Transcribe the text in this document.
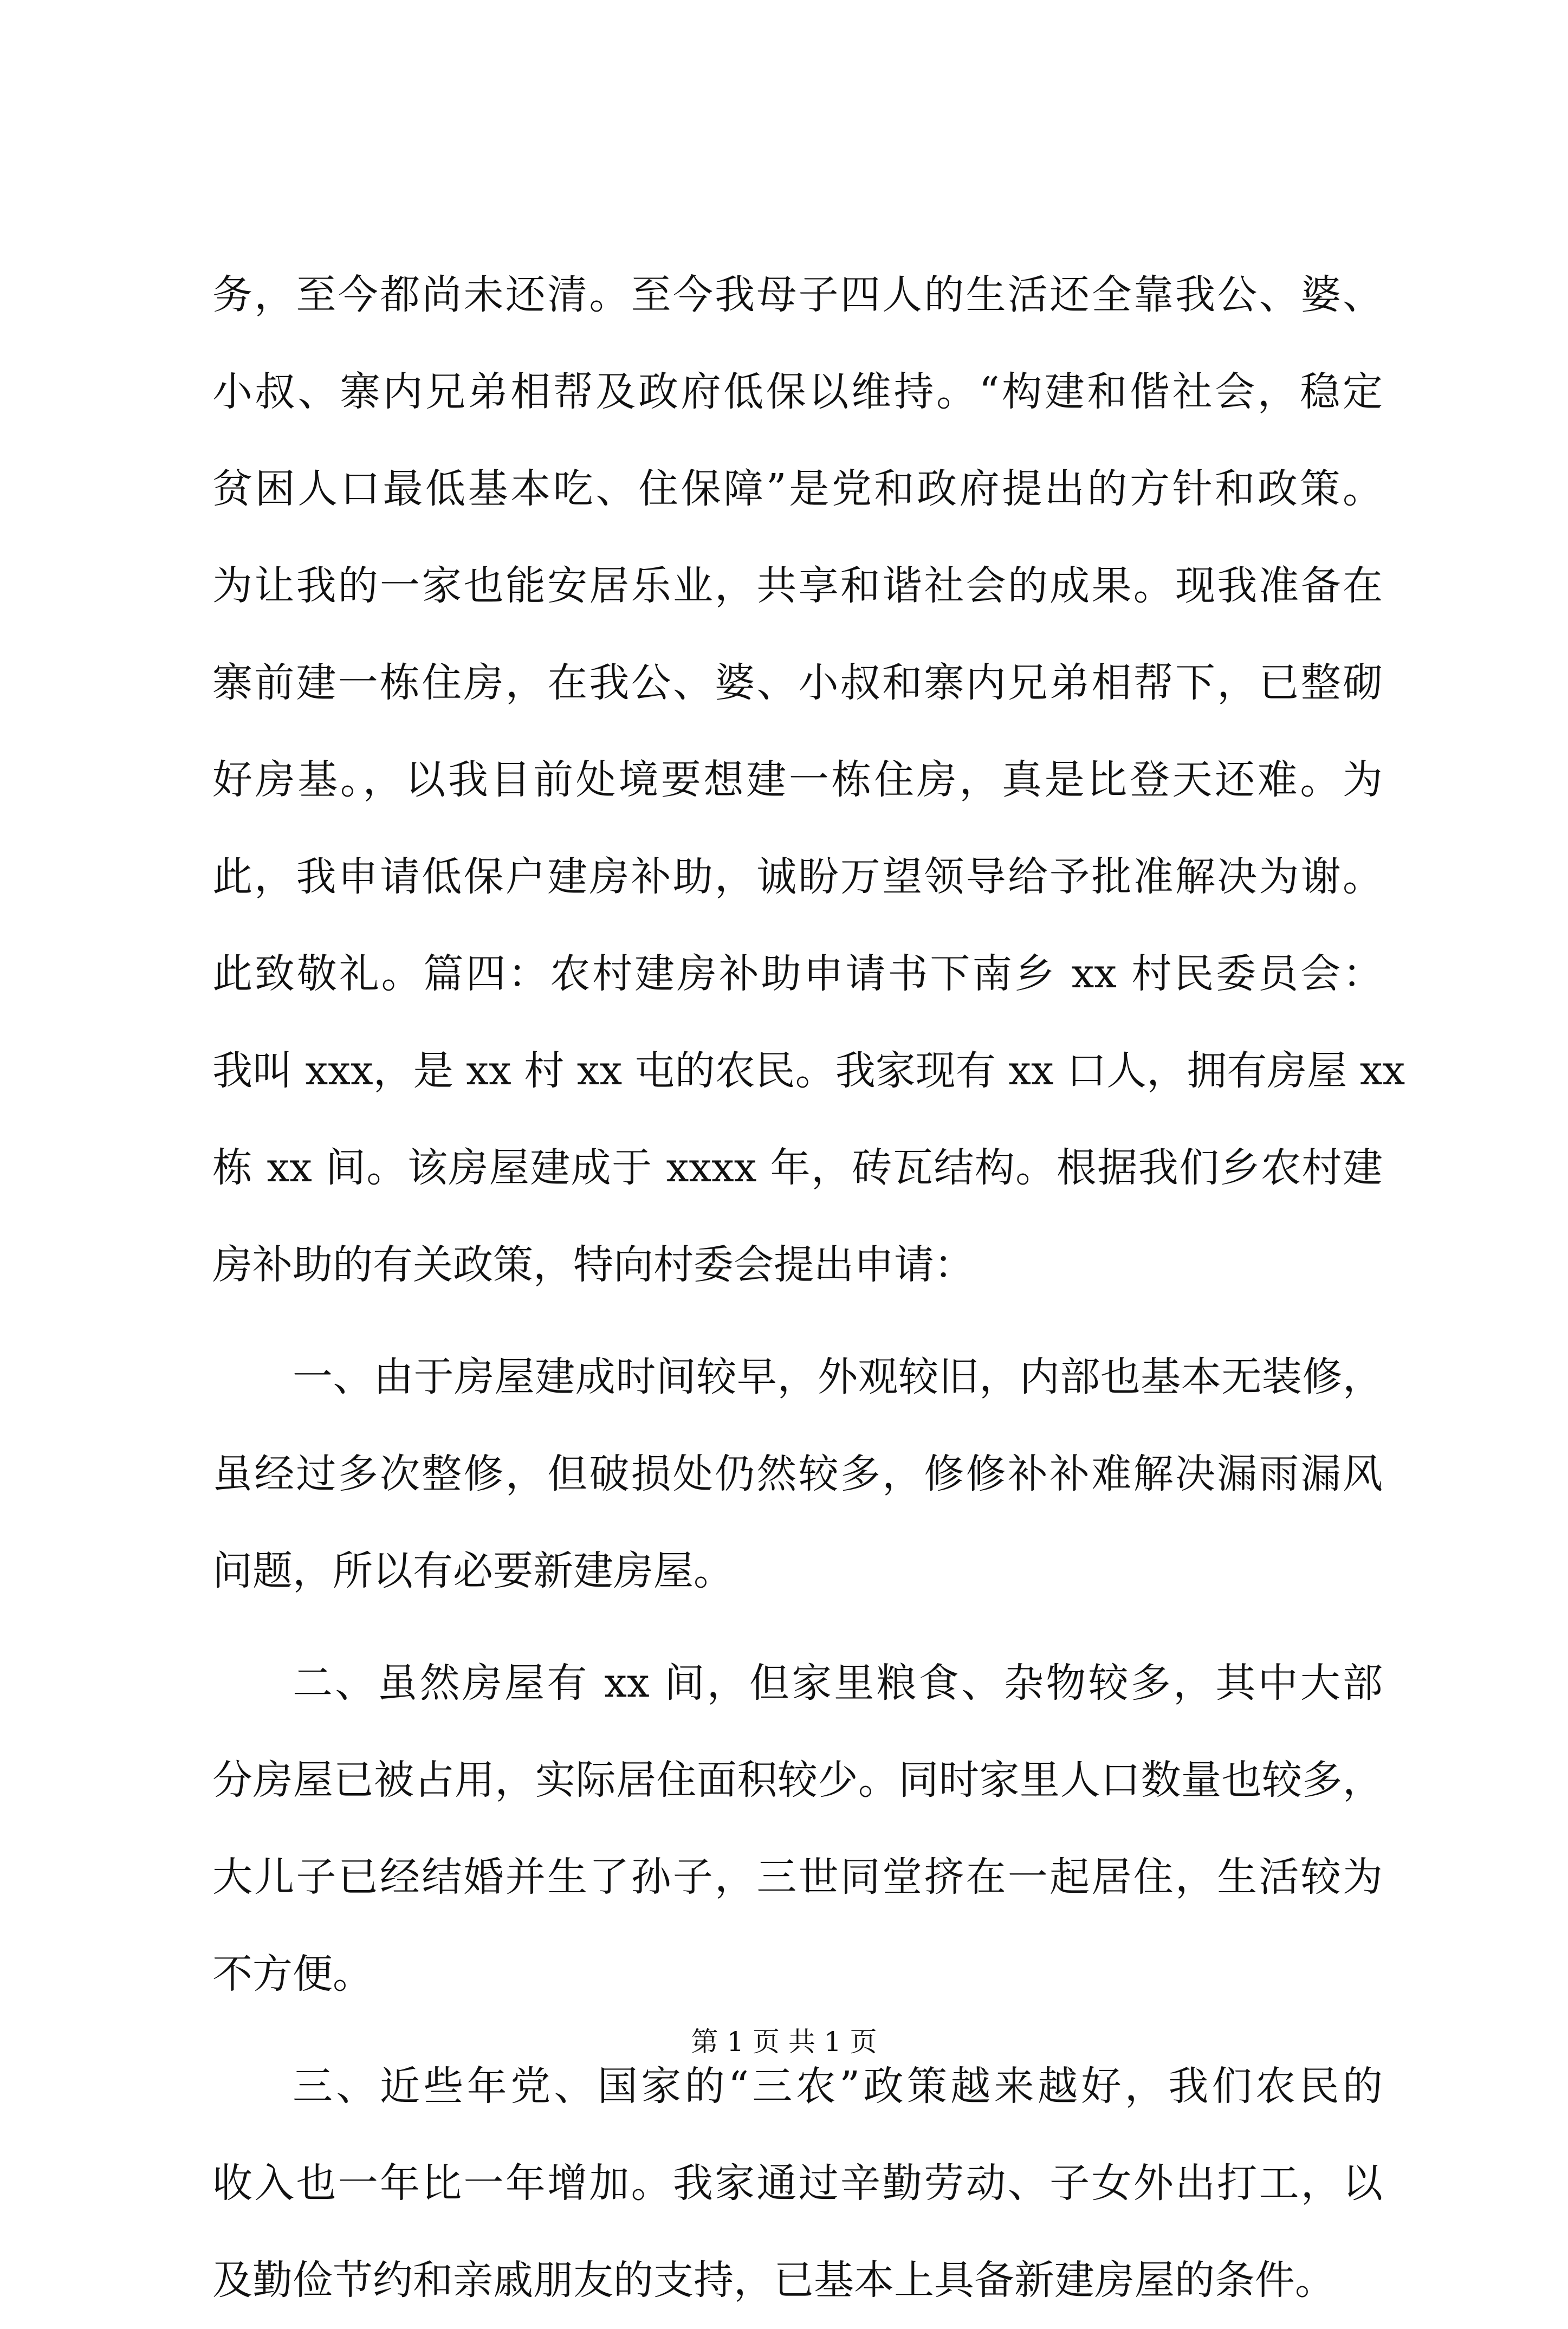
务，至今都尚未还清。至今我母子四人的生活还全靠我公、婆、
小叔、寨内兄弟相帮及政府低保以维持。“构建和偕社会，稳定
贫困人口最低基本吃、住保障”是党和政府提出的方针和政策。
为让我的一家也能安居乐业，共享和谐社会的成果。现我准备在
寨前建一栋住房，在我公、婆、小叔和寨内兄弟相帮下，已整砌
好房基。，以我目前处境要想建一栋住房，真是比登天还难。为
此，我申请低保户建房补助，诚盼万望领导给予批准解决为谢。
此致敬礼。篇四：农村建房补助申请书下南乡 xx 村民委员会：
我叫 xxx，是 xx 村 xx 屯的农民。我家现有 xx 口人，拥有房屋 xx
栋 xx 间。该房屋建成于 xxxx 年，砖瓦结构。根据我们乡农村建
房补助的有关政策，特向村委会提出申请：
一、由于房屋建成时间较早，外观较旧，内部也基本无装修，
虽经过多次整修，但破损处仍然较多，修修补补难解决漏雨漏风
问题，所以有必要新建房屋。
二、虽然房屋有 xx 间，但家里粮食、杂物较多，其中大部
分房屋已被占用，实际居住面积较少。同时家里人口数量也较多，
大儿子已经结婚并生了孙子，三世同堂挤在一起居住，生活较为
不方便。
三、近些年党、国家的“三农”政策越来越好，我们农民的
收入也一年比一年增加。我家通过辛勤劳动、子女外出打工，以
及勤俭节约和亲戚朋友的支持，已基本上具备新建房屋的条件。
第 1 页 共 1 页
